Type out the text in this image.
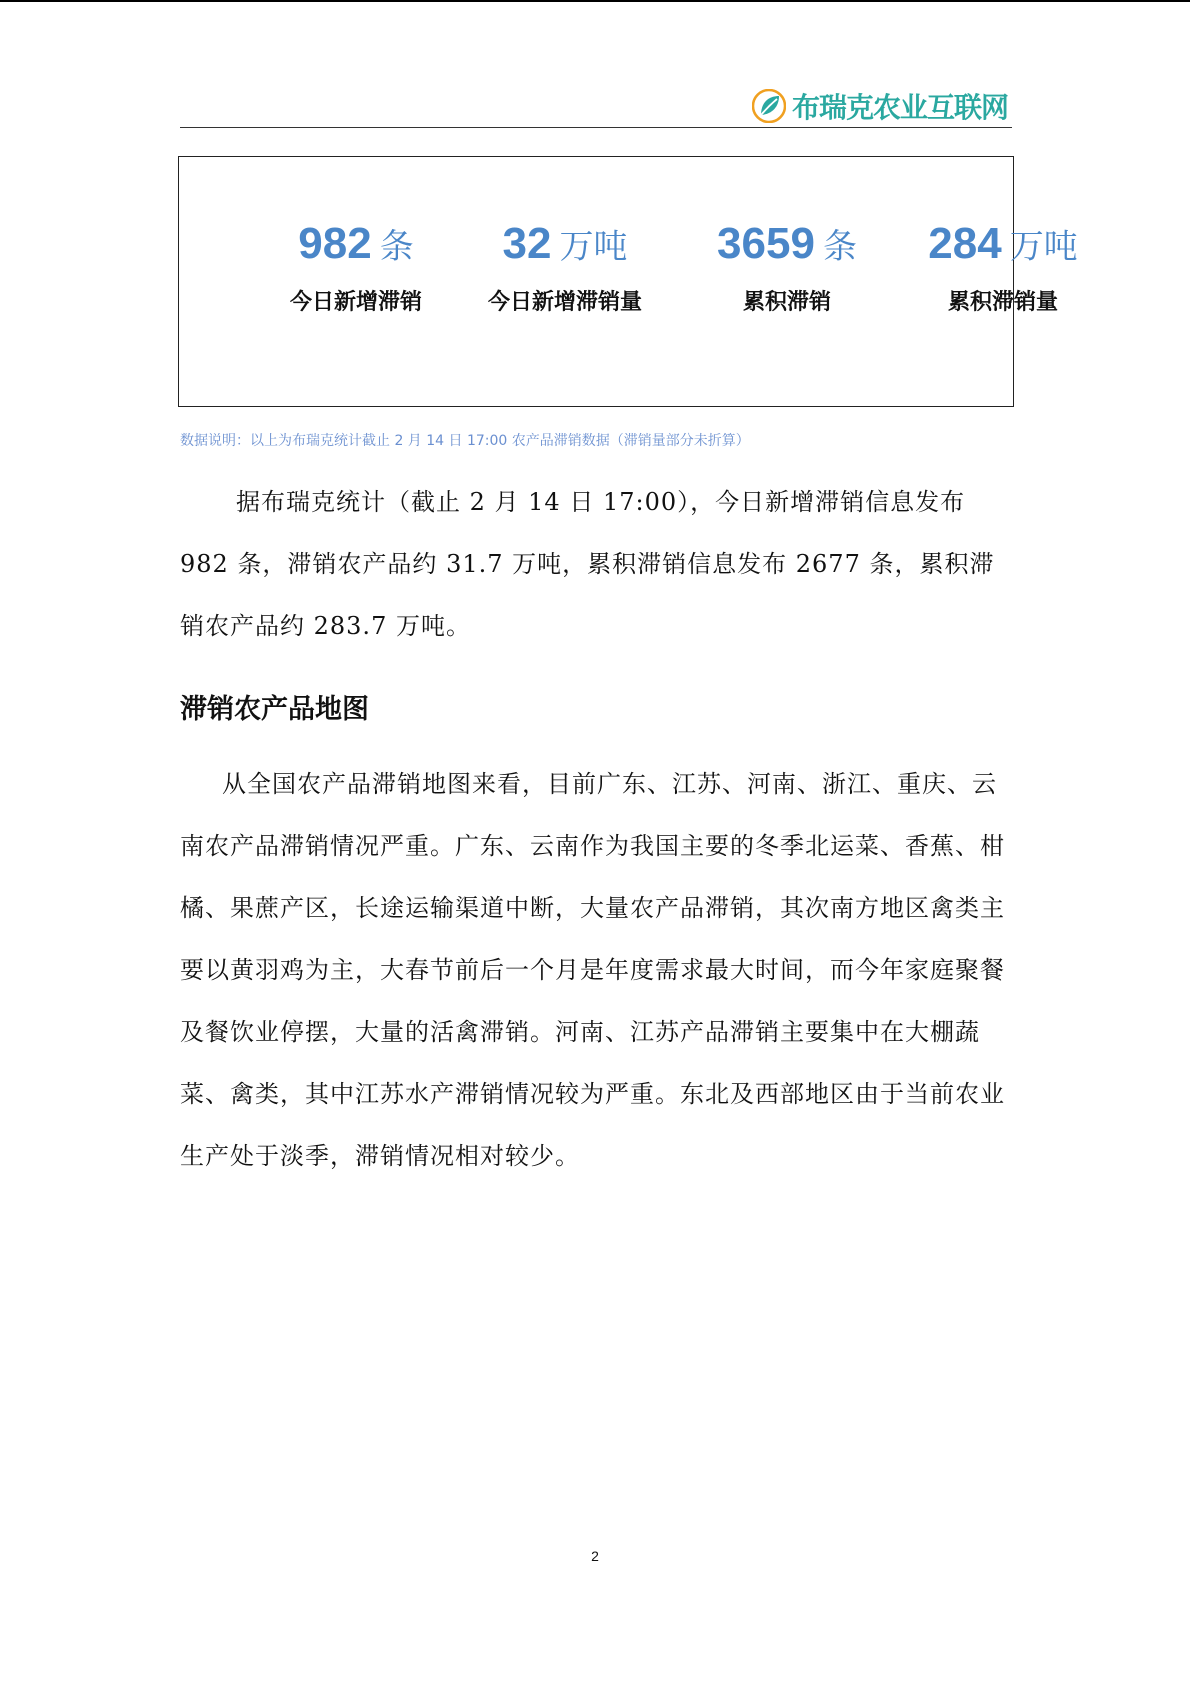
布瑞克农业互联网
982 条
今日新增滞销
32 万吨
今日新增滞销量
3659 条
累积滞销
284 万吨
累积滞销量
数据说明：以上为布瑞克统计截止 2 月 14 日 17:00 农产品滞销数据（滞销量部分未折算）

据布瑞克统计（截止 2 月 14 日 17:00），今日新增滞销信息发布 982 条，滞销农产品约 31.7 万吨，累积滞销信息发布 2677 条，累积滞销农产品约 283.7 万吨。

滞销农产品地图

从全国农产品滞销地图来看，目前广东、江苏、河南、浙江、重庆、云南农产品滞销情况严重。广东、云南作为我国主要的冬季北运菜、香蕉、柑橘、果蔗产区，长途运输渠道中断，大量农产品滞销，其次南方地区禽类主要以黄羽鸡为主，大春节前后一个月是年度需求最大时间，而今年家庭聚餐及餐饮业停摆，大量的活禽滞销。河南、江苏产品滞销主要集中在大棚蔬菜、禽类，其中江苏水产滞销情况较为严重。东北及西部地区由于当前农业生产处于淡季，滞销情况相对较少。

2
